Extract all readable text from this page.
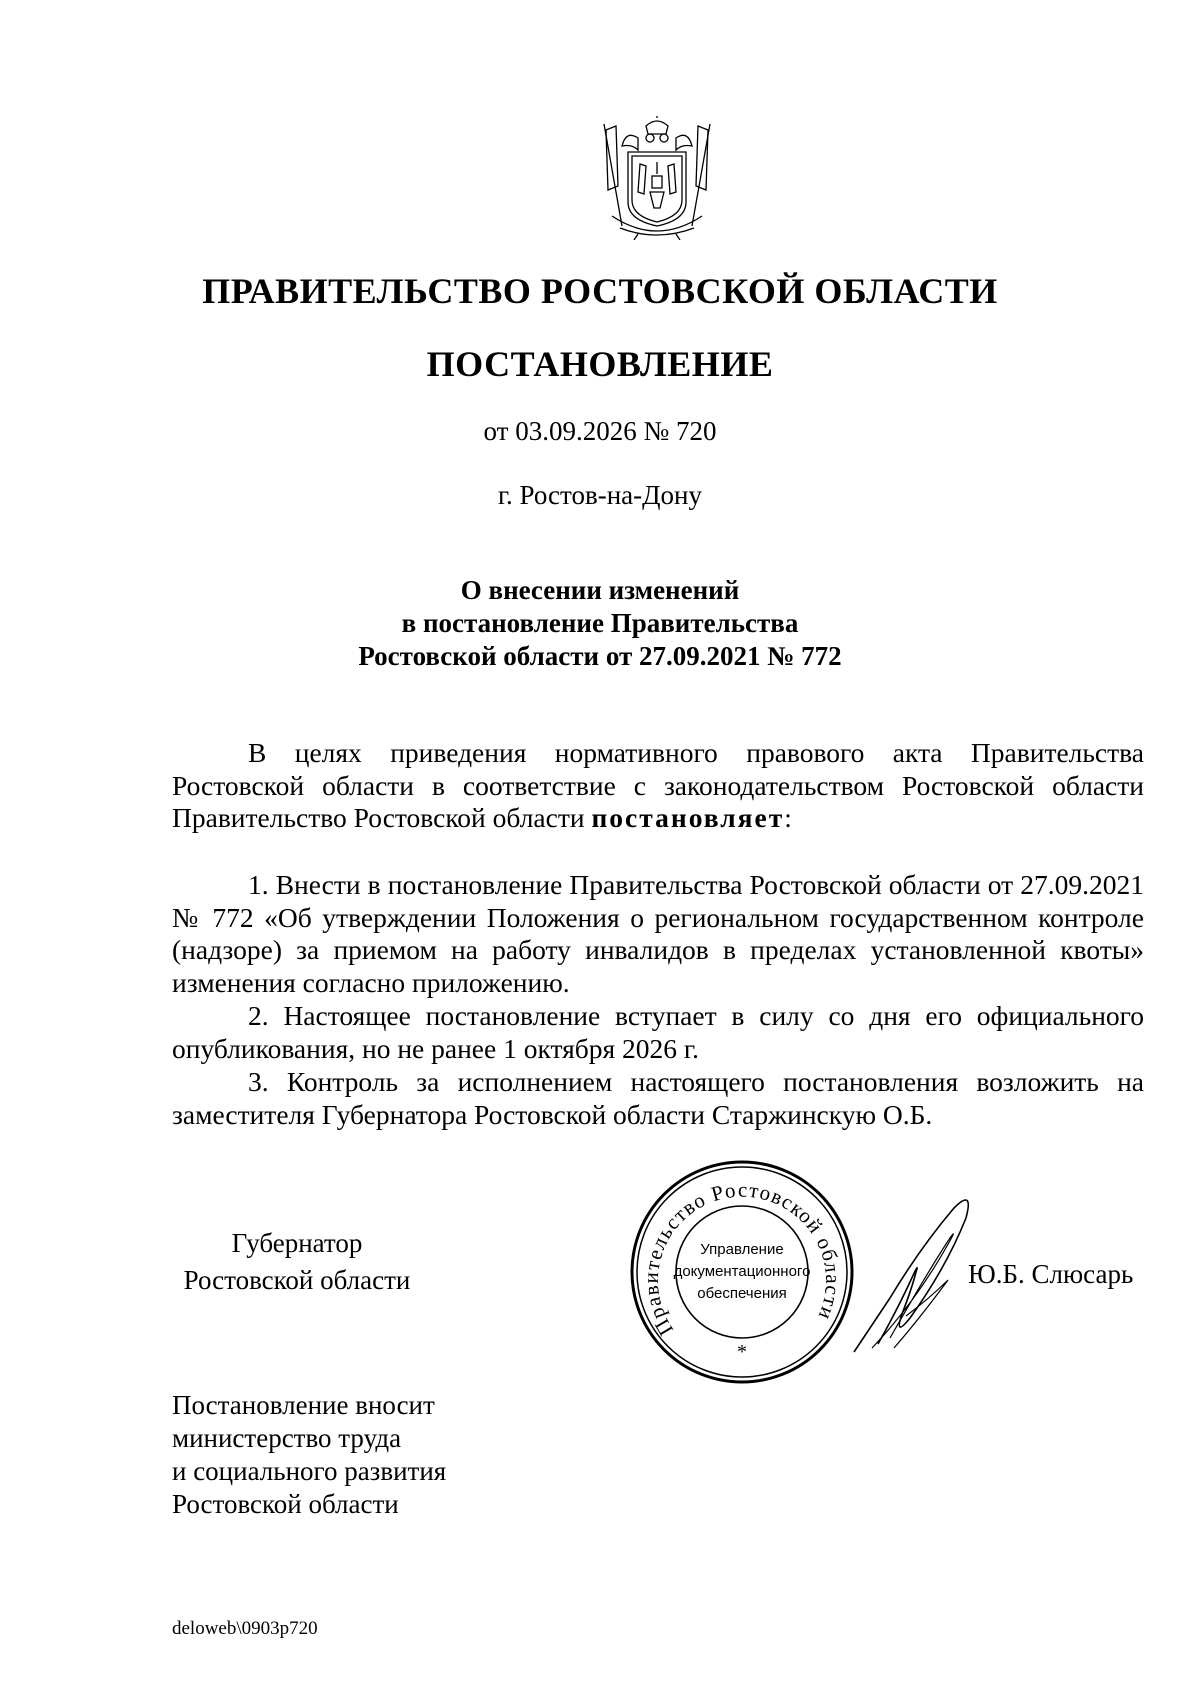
ПРАВИТЕЛЬСТВО РОСТОВСКОЙ ОБЛАСТИ
ПОСТАНОВЛЕНИЕ
от 03.09.2026 № 720
г. Ростов-на-Дону
О внесении изменений
в постановление Правительства
Ростовской области от 27.09.2021 № 772
В целях приведения нормативного правового акта Правительства Ростовской области в соответствие с законодательством Ростовской области Правительство Ростовской области постановляет:
1. Внести в постановление Правительства Ростовской области от 27.09.2021 № 772 «Об утверждении Положения о региональном государственном контроле (надзоре) за приемом на работу инвалидов в пределах установленной квоты» изменения согласно приложению.
2. Настоящее постановление вступает в силу со дня его официального опубликования, но не ранее 1 октября 2026 г.
3. Контроль за исполнением настоящего постановления возложить на заместителя Губернатора Ростовской области Старжинскую О.Б.
Губернатор
Ростовской области
Правительство Ростовской области
Управление
документационного
обеспечения
*
Ю.Б. Слюсарь
Постановление вносит
министерство труда
и социального развития
Ростовской области
deloweb\0903p720
